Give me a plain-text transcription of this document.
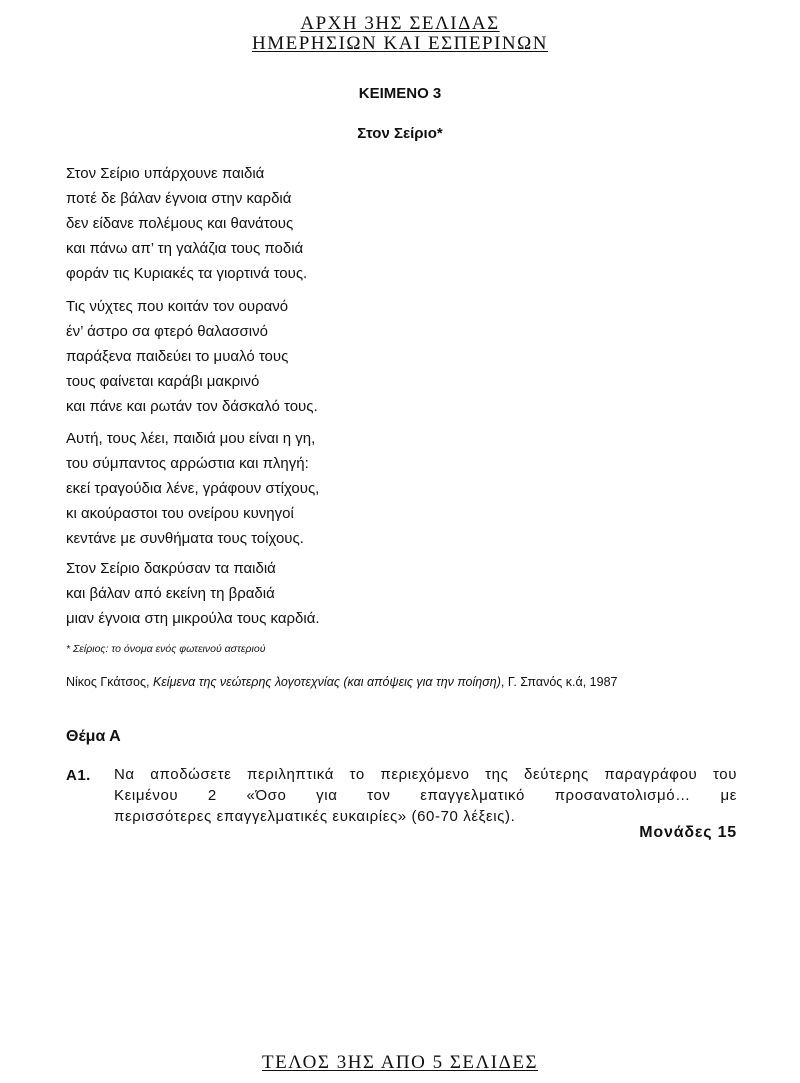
ΑΡΧΗ 3ΗΣ ΣΕΛΙΔΑΣ
ΗΜΕΡΗΣΙΩΝ ΚΑΙ ΕΣΠΕΡΙΝΩΝ
ΚΕΙΜΕΝΟ 3
Στον Σείριο*
Στον Σείριο υπάρχουνε παιδιά
ποτέ δε βάλαν έγνοια στην καρδιά
δεν είδανε πολέμους και θανάτους
και πάνω απ’ τη γαλάζια τους ποδιά
φοράν τις Κυριακές τα γιορτινά τους.
Τις νύχτες που κοιτάν τον ουρανό
έν’ άστρο σα φτερό θαλασσινό
παράξενα παιδεύει το μυαλό τους
τους φαίνεται καράβι μακρινό
και πάνε και ρωτάν τον δάσκαλό τους.
Αυτή, τους λέει, παιδιά μου είναι η γη,
του σύμπαντος αρρώστια και πληγή:
εκεί τραγούδια λένε, γράφουν στίχους,
κι ακούραστοι του ονείρου κυνηγοί
κεντάνε με συνθήματα τους τοίχους.
Στον Σείριο δακρύσαν τα παιδιά
και βάλαν από εκείνη τη βραδιά
μιαν έγνοια στη μικρούλα τους καρδιά.
* Σείριος: το όνομα ενός φωτεινού αστεριού
Νίκος Γκάτσος, Κείμενα της νεώτερης λογοτεχνίας (και απόψεις για την ποίηση), Γ. Σπανός κ.ά, 1987
Θέμα Α
Α1. Να αποδώσετε περιληπτικά το περιεχόμενο της δεύτερης παραγράφου του
Κειμένου 2 «Όσο για τον επαγγελματικό προσανατολισμό… με
περισσότερες επαγγελματικές ευκαιρίες» (60-70 λέξεις).
Μονάδες 15
ΤΕΛΟΣ 3ΗΣ ΑΠΟ 5 ΣΕΛΙΔΕΣ
